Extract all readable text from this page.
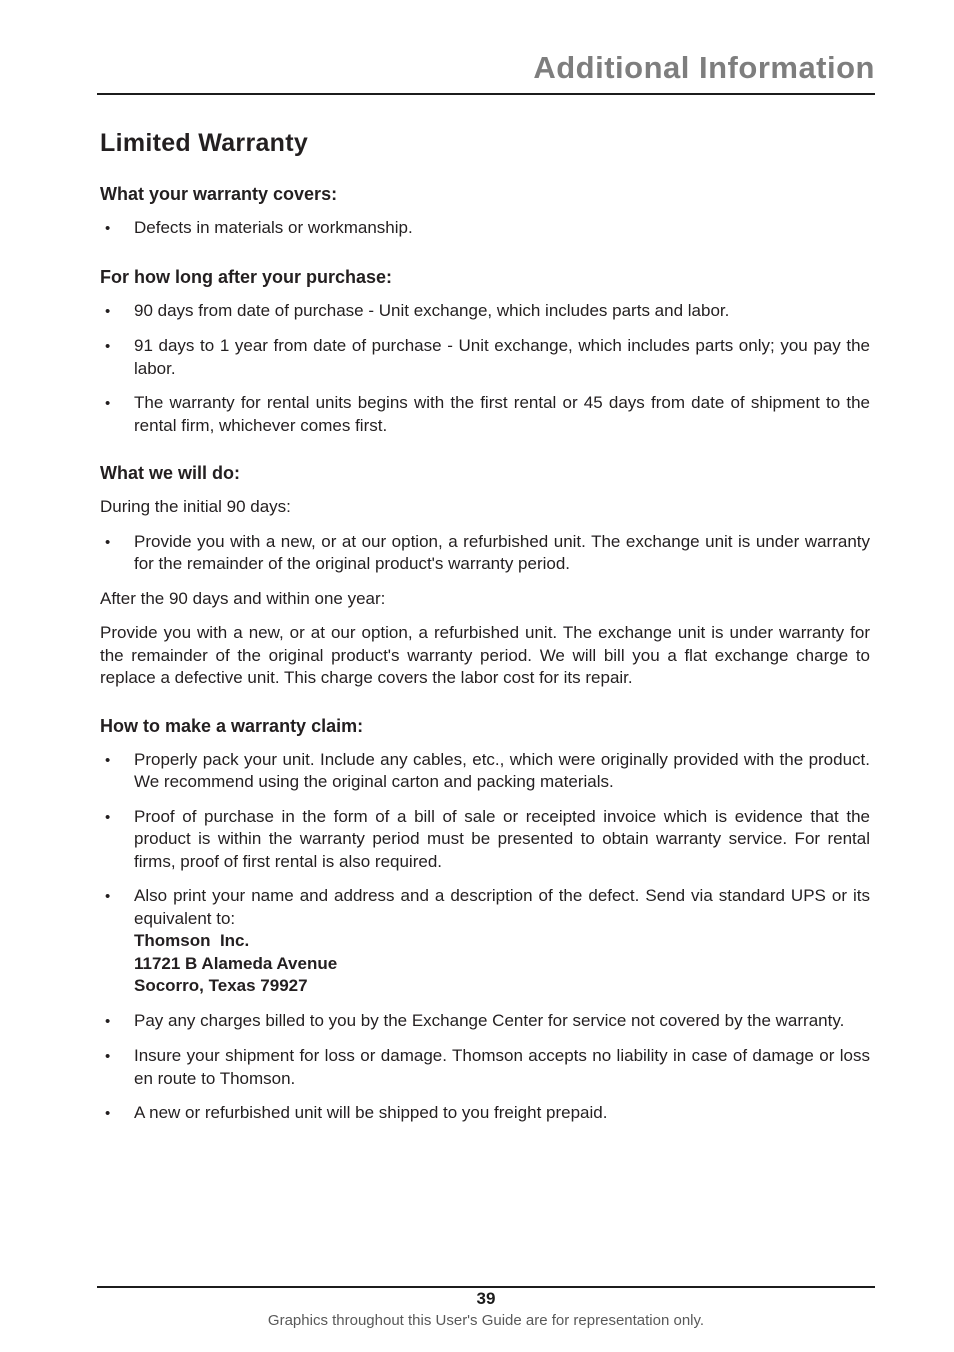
Additional Information
Limited Warranty
What your warranty covers:
•
Defects in materials or workmanship.
For how long after your purchase:
•
90 days from date of purchase - Unit exchange, which includes parts and labor.
•
91 days to 1 year from date of purchase - Unit exchange, which includes parts only; you pay the labor.
•
The warranty for rental units begins with the first rental or 45 days from date of shipment to the rental firm, whichever comes first.
What we will do:

During the initial 90 days:

•
Provide you with a new, or at our option, a refurbished unit. The exchange unit is under warranty for the remainder of the original product's warranty period.

After the 90 days and within one year:

Provide you with a new, or at our option, a refurbished unit. The exchange unit is under warranty for the remainder of the original product's warranty period. We will bill you a flat exchange charge to replace a defective unit. This charge covers the labor cost for its repair.

How to make a warranty claim:
•
Properly pack your unit. Include any cables, etc., which were originally provided with the product. We recommend using the original carton and packing materials.
•
Proof of purchase in the form of a bill of sale or receipted invoice which is evidence that the product is within the warranty period must be presented to obtain warranty service. For rental firms, proof of first rental is also required.
•
Also print your name and address and a description of the defect. Send via standard UPS or its equivalent to:
Thomson  Inc.
11721 B Alameda Avenue
Socorro, Texas 79927
•
Pay any charges billed to you by the Exchange Center for service not covered by the warranty.
•
Insure your shipment for loss or damage. Thomson accepts no liability in case of damage or loss en route to Thomson.
•
A new or refurbished unit will be shipped to you freight prepaid.
39
Graphics throughout this User's Guide are for representation only.
